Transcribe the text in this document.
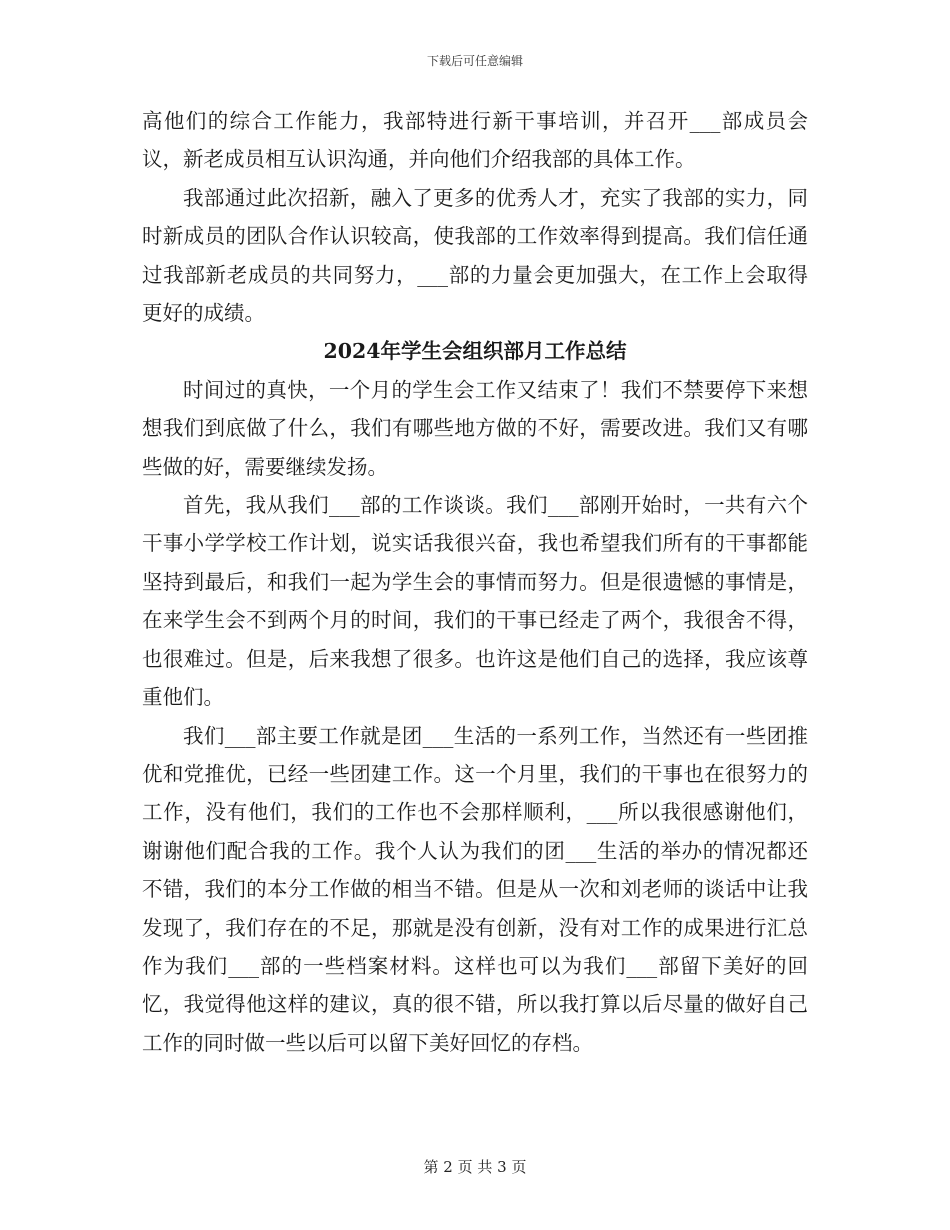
下载后可任意编辑

高他们的综合工作能力，我部特进行新干事培训，并召开___部成员会议，新老成员相互认识沟通，并向他们介绍我部的具体工作。

我部通过此次招新，融入了更多的优秀人才，充实了我部的实力，同时新成员的团队合作认识较高，使我部的工作效率得到提高。我们信任通过我部新老成员的共同努力，___部的力量会更加强大，在工作上会取得更好的成绩。

2024年学生会组织部月工作总结

时间过的真快，一个月的学生会工作又结束了！我们不禁要停下来想想我们到底做了什么，我们有哪些地方做的不好，需要改进。我们又有哪些做的好，需要继续发扬。

首先，我从我们___部的工作谈谈。我们___部刚开始时，一共有六个干事小学学校工作计划，说实话我很兴奋，我也希望我们所有的干事都能坚持到最后，和我们一起为学生会的事情而努力。但是很遗憾的事情是，在来学生会不到两个月的时间，我们的干事已经走了两个，我很舍不得，也很难过。但是，后来我想了很多。也许这是他们自己的选择，我应该尊重他们。

我们___部主要工作就是团___生活的一系列工作，当然还有一些团推优和党推优，已经一些团建工作。这一个月里，我们的干事也在很努力的工作，没有他们，我们的工作也不会那样顺利，___所以我很感谢他们，谢谢他们配合我的工作。我个人认为我们的团___生活的举办的情况都还不错，我们的本分工作做的相当不错。但是从一次和刘老师的谈话中让我发现了，我们存在的不足，那就是没有创新，没有对工作的成果进行汇总作为我们___部的一些档案材料。这样也可以为我们___部留下美好的回忆，我觉得他这样的建议，真的很不错，所以我打算以后尽量的做好自己工作的同时做一些以后可以留下美好回忆的存档。

第 2 页 共 3 页
